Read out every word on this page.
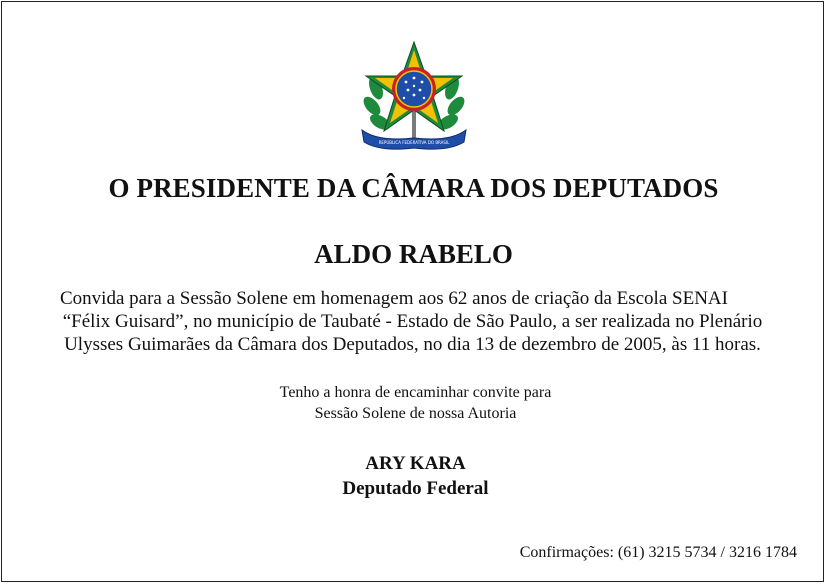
REPÚBLICA FEDERATIVA DO BRASIL
O PRESIDENTE DA CÂMARA DOS DEPUTADOS
ALDO RABELO
Convida para a Sessão Solene em homenagem aos 62 anos de criação da Escola SENAI
“Félix Guisard”, no município de Taubaté - Estado de São Paulo, a ser realizada no Plenário
Ulysses Guimarães da Câmara dos Deputados, no dia 13 de dezembro de 2005, às 11 horas.
Tenho a honra de encaminhar convite para
Sessão Solene de nossa Autoria
ARY KARA
Deputado Federal
Confirmações: (61) 3215 5734 / 3216 1784
